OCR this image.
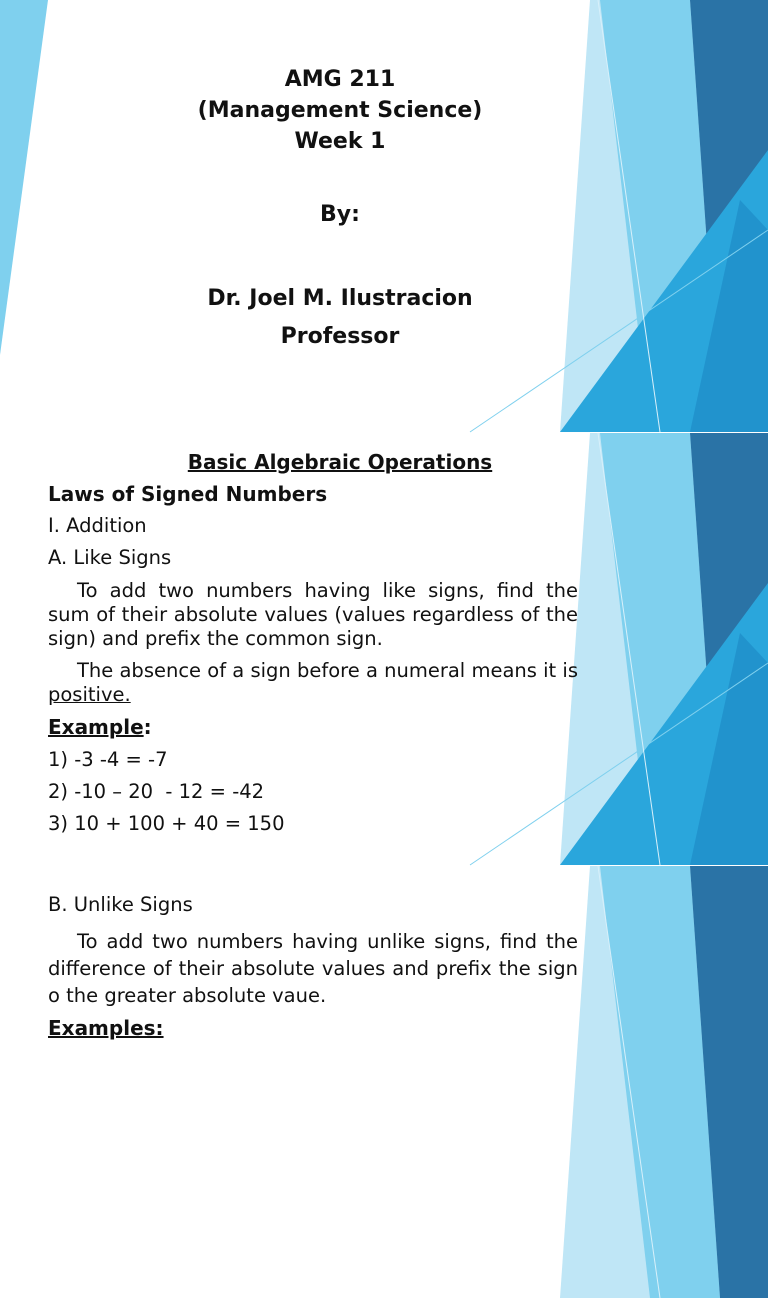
AMG 211
(Management Science)
Week 1
By:
Dr. Joel M. Ilustracion
Professor
Basic Algebraic Operations
Laws of Signed Numbers
I. Addition
A. Like Signs
To add two numbers having like signs, find the sum of their absolute values (values regardless of the sign) and prefix the common sign.
The absence of a sign before a numeral means it is positive.
Example:
1) -3 -4 = -7
2) -10 – 20  - 12 = -42
3) 10 + 100 + 40 = 150
B. Unlike Signs
To add two numbers having unlike signs, find the difference of their absolute values and prefix the sign o the greater absolute vaue.
Examples:
